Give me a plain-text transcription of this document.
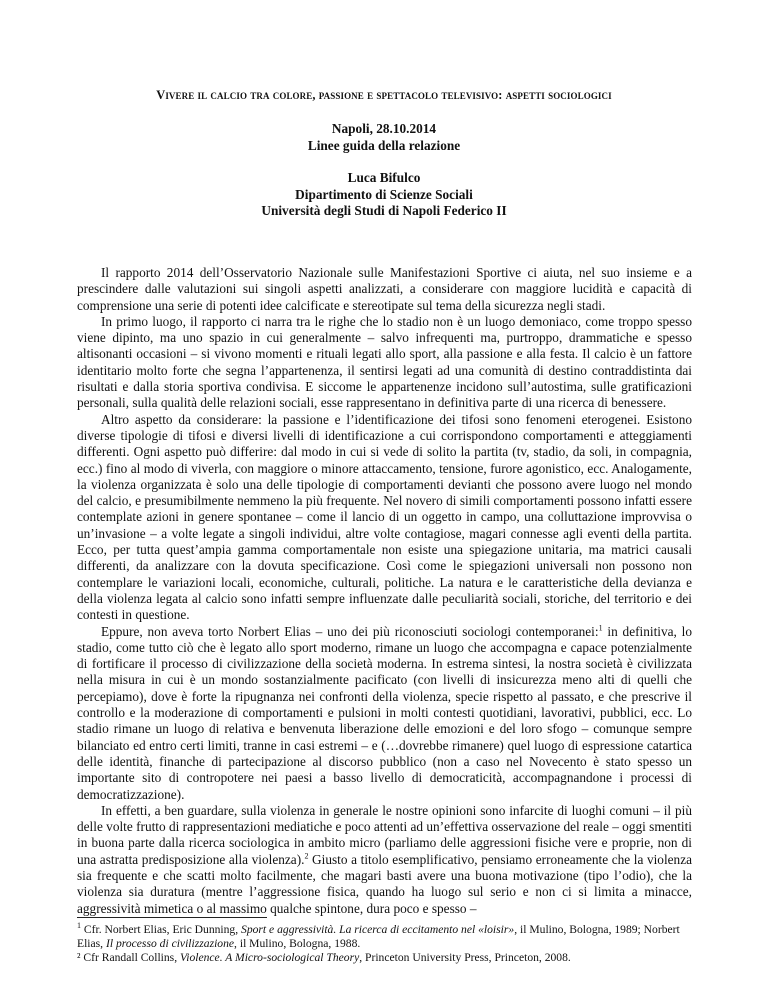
Vivere il calcio tra colore, passione e spettacolo televisivo: aspetti sociologici
Napoli, 28.10.2014
Linee guida della relazione
Luca Bifulco
Dipartimento di Scienze Sociali
Università degli Studi di Napoli Federico II

Il rapporto 2014 dell’Osservatorio Nazionale sulle Manifestazioni Sportive ci aiuta, nel suo insieme e a prescindere dalle valutazioni sui singoli aspetti analizzati, a considerare con maggiore lucidità e capacità di comprensione una serie di potenti idee calcificate e stereotipate sul tema della sicurezza negli stadi.

In primo luogo, il rapporto ci narra tra le righe che lo stadio non è un luogo demoniaco, come troppo spesso viene dipinto, ma uno spazio in cui generalmente – salvo infrequenti ma, purtroppo, drammatiche e spesso altisonanti occasioni – si vivono momenti e rituali legati allo sport, alla passione e alla festa. Il calcio è un fattore identitario molto forte che segna l’appartenenza, il sentirsi legati ad una comunità di destino contraddistinta dai risultati e dalla storia sportiva condivisa. E siccome le appartenenze incidono sull’autostima, sulle gratificazioni personali, sulla qualità delle relazioni sociali, esse rappresentano in definitiva parte di una ricerca di benessere.

Altro aspetto da considerare: la passione e l’identificazione dei tifosi sono fenomeni eterogenei. Esistono diverse tipologie di tifosi e diversi livelli di identificazione a cui corrispondono comportamenti e atteggiamenti differenti. Ogni aspetto può differire: dal modo in cui si vede di solito la partita (tv, stadio, da soli, in compagnia, ecc.) fino al modo di viverla, con maggiore o minore attaccamento, tensione, furore agonistico, ecc. Analogamente, la violenza organizzata è solo una delle tipologie di comportamenti devianti che possono avere luogo nel mondo del calcio, e presumibilmente nemmeno la più frequente. Nel novero di simili comportamenti possono infatti essere contemplate azioni in genere spontanee – come il lancio di un oggetto in campo, una colluttazione improvvisa o un’invasione – a volte legate a singoli individui, altre volte contagiose, magari connesse agli eventi della partita. Ecco, per tutta quest’ampia gamma comportamentale non esiste una spiegazione unitaria, ma matrici causali differenti, da analizzare con la dovuta specificazione. Così come le spiegazioni universali non possono non contemplare le variazioni locali, economiche, culturali, politiche. La natura e le caratteristiche della devianza e della violenza legata al calcio sono infatti sempre influenzate dalle peculiarità sociali, storiche, del territorio e dei contesti in questione.

Eppure, non aveva torto Norbert Elias – uno dei più riconosciuti sociologi contemporanei:$^1$ in definitiva, lo stadio, come tutto ciò che è legato allo sport moderno, rimane un luogo che accompagna e capace potenzialmente di fortificare il processo di civilizzazione della società moderna. In estrema sintesi, la nostra società è civilizzata nella misura in cui è un mondo sostanzialmente pacificato (con livelli di insicurezza meno alti di quelli che percepiamo), dove è forte la ripugnanza nei confronti della violenza, specie rispetto al passato, e che prescrive il controllo e la moderazione di comportamenti e pulsioni in molti contesti quotidiani, lavorativi, pubblici, ecc. Lo stadio rimane un luogo di relativa e benvenuta liberazione delle emozioni e del loro sfogo – comunque sempre bilanciato ed entro certi limiti, tranne in casi estremi – e (…dovrebbe rimanere) quel luogo di espressione catartica delle identità, finanche di partecipazione al discorso pubblico (non a caso nel Novecento è stato spesso un importante sito di contropotere nei paesi a basso livello di democraticità, accompagnandone i processi di democratizzazione).

In effetti, a ben guardare, sulla violenza in generale le nostre opinioni sono infarcite di luoghi comuni – il più delle volte frutto di rappresentazioni mediatiche e poco attenti ad un’effettiva osservazione del reale – oggi smentiti in buona parte dalla ricerca sociologica in ambito micro (parliamo delle aggressioni fisiche vere e proprie, non di una astratta predisposizione alla violenza).$^2$ Giusto a titolo esemplificativo, pensiamo erroneamente che la violenza sia frequente e che scatti molto facilmente, che magari basti avere una buona motivazione (tipo l’odio), che la violenza sia duratura (mentre l’aggressione fisica, quando ha luogo sul serio e non ci si limita a minacce, aggressività mimetica o al massimo qualche spintone, dura poco e spesso –

$^1$ Cfr. Norbert Elias, Eric Dunning, Sport e aggressività. La ricerca di eccitamento nel «loisir», il Mulino, Bologna, 1989; Norbert Elias, Il processo di civilizzazione, il Mulino, Bologna, 1988.

² Cfr Randall Collins, Violence. A Micro-sociological Theory, Princeton University Press, Princeton, 2008.
